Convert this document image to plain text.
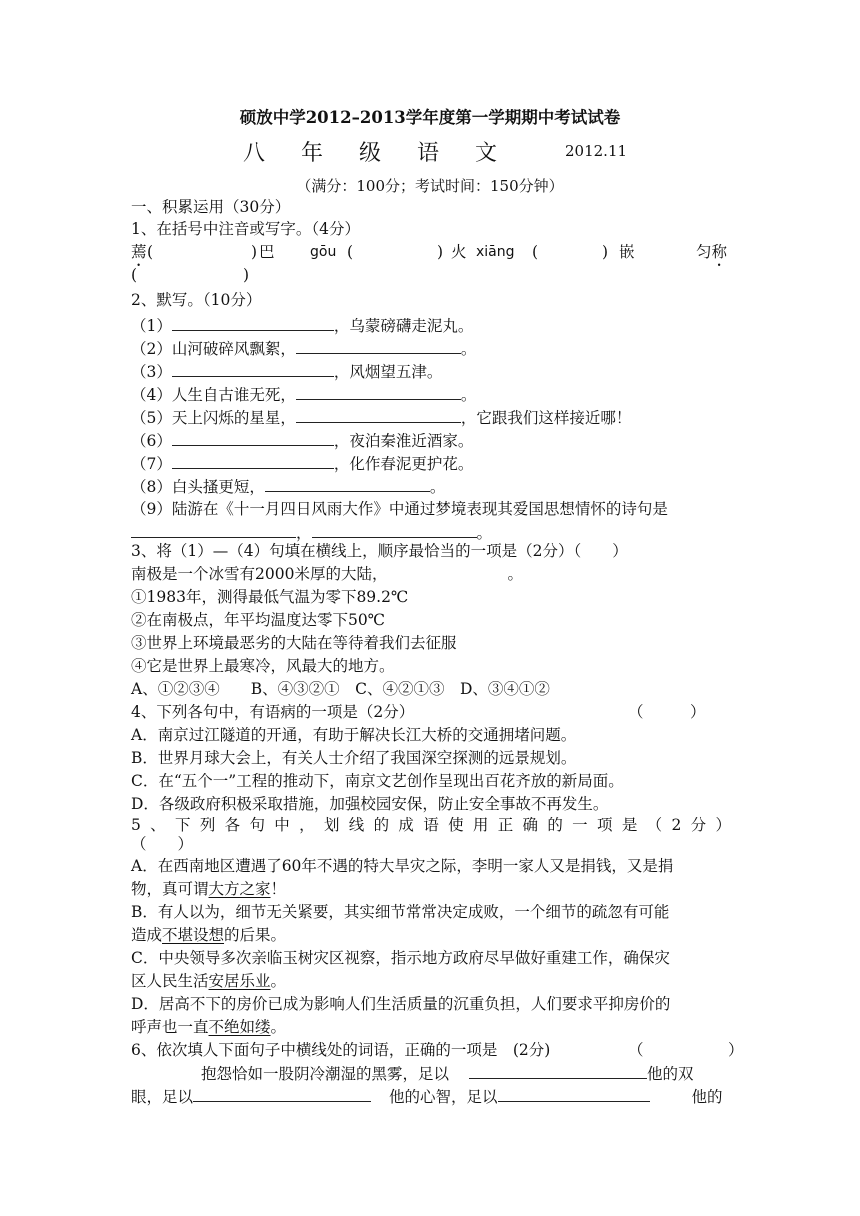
硕放中学2012–2013学年度第一学期期中考试试卷
八 年 级 语 文	2012.11
（满分：100分；考试时间：150分钟）
一、积累运用（30分）
1、在括号中注音或写字。（4分）
蔫 (	) 巴	gōu (	) 火 xiāng (	) 嵌	匀称
(	)
2、默写。（10分）
（1）	，乌蒙磅礴走泥丸。
（2）山河破碎风飘絮，	。
（3）	，风烟望五津。
（4）人生自古谁无死，	。
（5）天上闪烁的星星，	，它跟我们这样接近哪！
（6）	，夜泊秦淮近酒家。
（7）	，化作春泥更护花。
（8）白头搔更短，	。
（9）陆游在《十一月四日风雨大作》中通过梦境表现其爱国思想情怀的诗句是
，	。
3、将（1）—（4）句填在横线上，顺序最恰当的一项是（2分）（　　）
南极是一个冰雪有2000米厚的大陆，	。
①1983年，测得最低气温为零下89.2℃
②在南极点，年平均温度达零下50℃
③世界上环境最恶劣的大陆在等待着我们去征服
④它是世界上最寒冷，风最大的地方。
A、①②③④　　B、④③②①　C、④②①③　D、③④①②
4、下列各句中，有语病的一项是（2分）	（　　　）
A．南京过江隧道的开通，有助于解决长江大桥的交通拥堵问题。
B．世界月球大会上，有关人士介绍了我国深空探测的远景规划。
C．在“五个一”工程的推动下，南京文艺创作呈现出百花齐放的新局面。
D．各级政府积极采取措施，加强校园安保，防止安全事故不再发生。
5、下列各句中，划线的成语使用正确的一项是（2分）
（　　）
A．在西南地区遭遇了60年不遇的特大旱灾之际，李明一家人又是捐钱，又是捐
物，真可谓大方之家！
B．有人以为，细节无关紧要，其实细节常常决定成败，一个细节的疏忽有可能
造成不堪设想的后果。
C．中央领导多次亲临玉树灾区视察，指示地方政府尽早做好重建工作，确保灾
区人民生活安居乐业。
D．居高不下的房价已成为影响人们生活质量的沉重负担，人们要求平抑房价的
呼声也一直不绝如缕。
6、依次填人下面句子中横线处的词语，正确的一项是　(2分)	（	）
抱怨恰如一股阴冷潮湿的黑雾，足以	他的双
眼，足以	他的心智，足以	他的
